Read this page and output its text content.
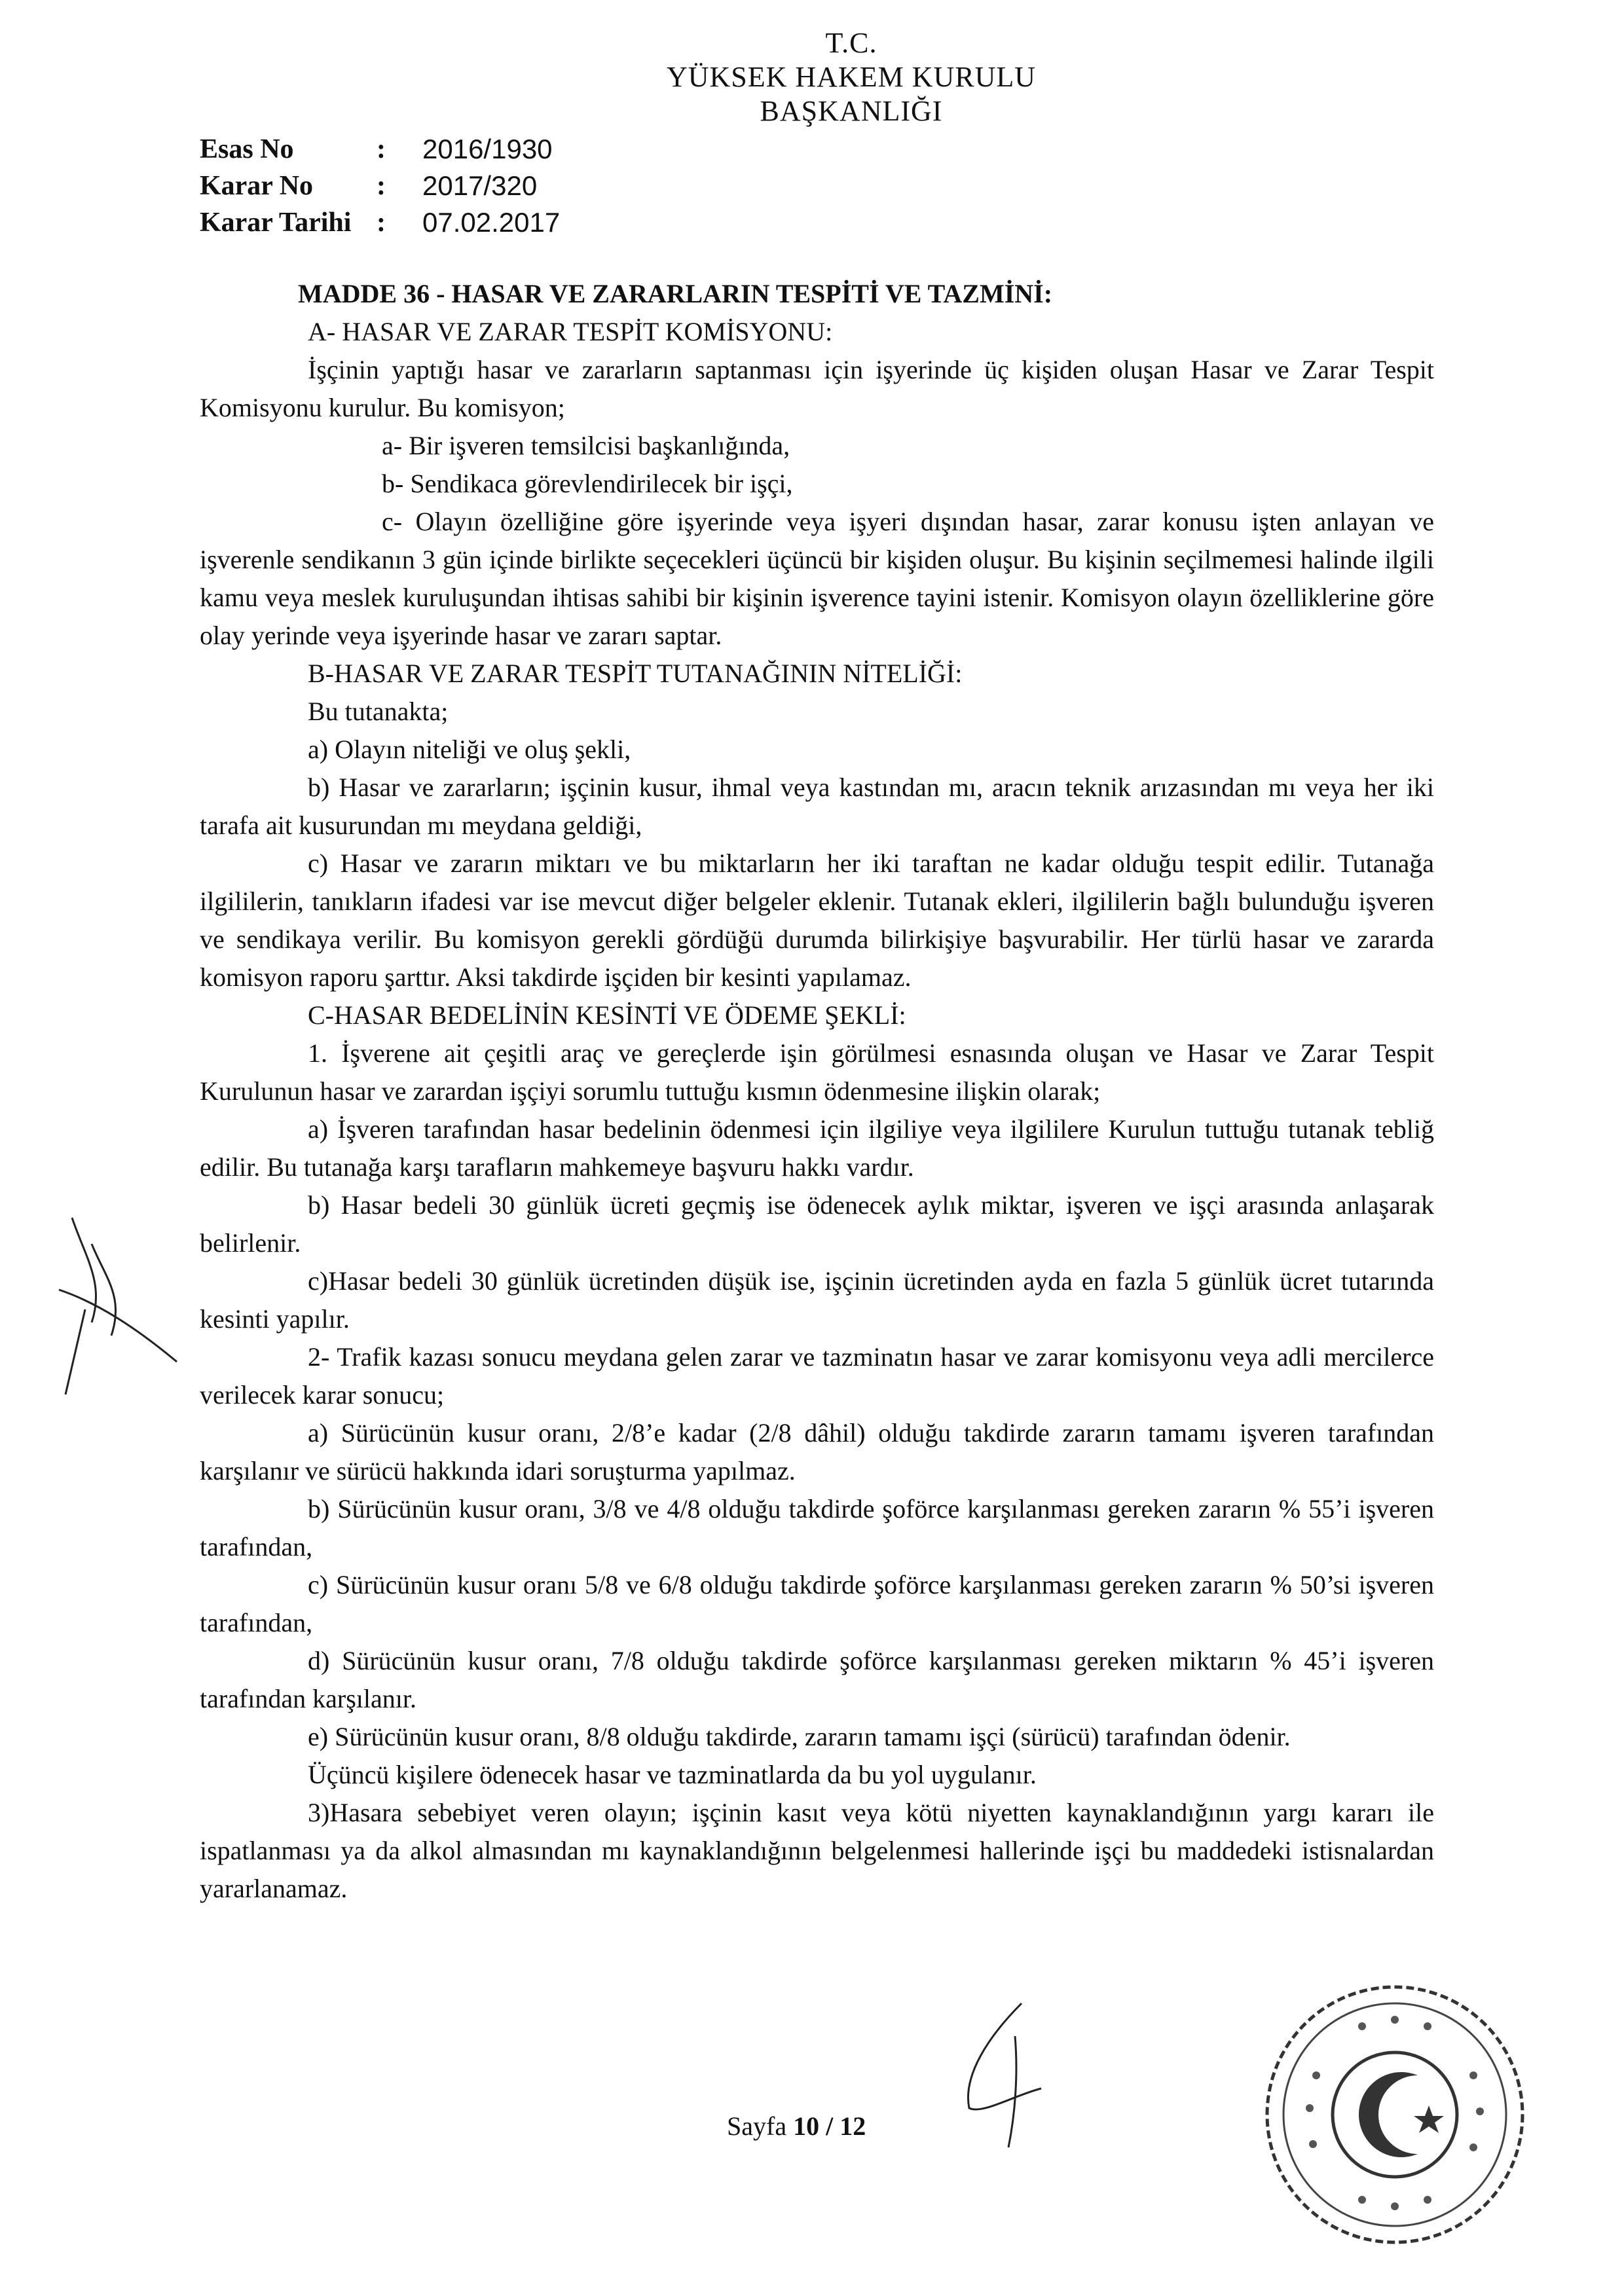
T.C.
YÜKSEK HAKEM KURULU
BAŞKANLIĞI
Esas No	:	2016/1930
Karar No	:	2017/320
Karar Tarihi :	07.02.2017
MADDE 36 - HASAR VE ZARARLARIN TESPİTİ VE TAZMİNİ:
A- HASAR VE ZARAR TESPİT KOMİSYONU:

İşçinin yaptığı hasar ve zararların saptanması için işyerinde üç kişiden oluşan Hasar ve Zarar Tespit Komisyonu kurulur. Bu komisyon;

a- Bir işveren temsilcisi başkanlığında,
b- Sendikaca görevlendirilecek bir işçi,

c- Olayın özelliğine göre işyerinde veya işyeri dışından hasar, zarar konusu işten anlayan ve işverenle sendikanın 3 gün içinde birlikte seçecekleri üçüncü bir kişiden oluşur. Bu kişinin seçilmemesi halinde ilgili kamu veya meslek kuruluşundan ihtisas sahibi bir kişinin işverence tayini istenir. Komisyon olayın özelliklerine göre olay yerinde veya işyerinde hasar ve zararı saptar.

B-HASAR VE ZARAR TESPİT TUTANAĞININ NİTELİĞİ:
Bu tutanakta;
a) Olayın niteliği ve oluş şekli,

b) Hasar ve zararların; işçinin kusur, ihmal veya kastından mı, aracın teknik arızasından mı veya her iki tarafa ait kusurundan mı meydana geldiği,

c) Hasar ve zararın miktarı ve bu miktarların her iki taraftan ne kadar olduğu tespit edilir. Tutanağa ilgililerin, tanıkların ifadesi var ise mevcut diğer belgeler eklenir. Tutanak ekleri, ilgililerin bağlı bulunduğu işveren ve sendikaya verilir. Bu komisyon gerekli gördüğü durumda bilirkişiye başvurabilir. Her türlü hasar ve zararda komisyon raporu şarttır. Aksi takdirde işçiden bir kesinti yapılamaz.

C-HASAR BEDELİNİN KESİNTİ VE ÖDEME ŞEKLİ:

1. İşverene ait çeşitli araç ve gereçlerde işin görülmesi esnasında oluşan ve Hasar ve Zarar Tespit Kurulunun hasar ve zarardan işçiyi sorumlu tuttuğu kısmın ödenmesine ilişkin olarak;

a) İşveren tarafından hasar bedelinin ödenmesi için ilgiliye veya ilgililere Kurulun tuttuğu tutanak tebliğ edilir. Bu tutanağa karşı tarafların mahkemeye başvuru hakkı vardır.

b) Hasar bedeli 30 günlük ücreti geçmiş ise ödenecek aylık miktar, işveren ve işçi arasında anlaşarak belirlenir.

c)Hasar bedeli 30 günlük ücretinden düşük ise, işçinin ücretinden ayda en fazla 5 günlük ücret tutarında kesinti yapılır.

2- Trafik kazası sonucu meydana gelen zarar ve tazminatın hasar ve zarar komisyonu veya adli mercilerce verilecek karar sonucu;

a) Sürücünün kusur oranı, 2/8’e kadar (2/8 dâhil) olduğu takdirde zararın tamamı işveren tarafından karşılanır ve sürücü hakkında idari soruşturma yapılmaz.

b) Sürücünün kusur oranı, 3/8 ve 4/8 olduğu takdirde şoförce karşılanması gereken zararın % 55’i işveren tarafından,

c) Sürücünün kusur oranı 5/8 ve 6/8 olduğu takdirde şoförce karşılanması gereken zararın % 50’si işveren tarafından,

d) Sürücünün kusur oranı, 7/8 olduğu takdirde şoförce karşılanması gereken miktarın % 45’i işveren tarafından karşılanır.

e) Sürücünün kusur oranı, 8/8 olduğu takdirde, zararın tamamı işçi (sürücü) tarafından ödenir.

Üçüncü kişilere ödenecek hasar ve tazminatlarda da bu yol uygulanır.

3)Hasara sebebiyet veren olayın; işçinin kasıt veya kötü niyetten kaynaklandığının yargı kararı ile ispatlanması ya da alkol almasından mı kaynaklandığının belgelenmesi hallerinde işçi bu maddedeki istisnalardan yararlanamaz.

Sayfa 10 / 12
